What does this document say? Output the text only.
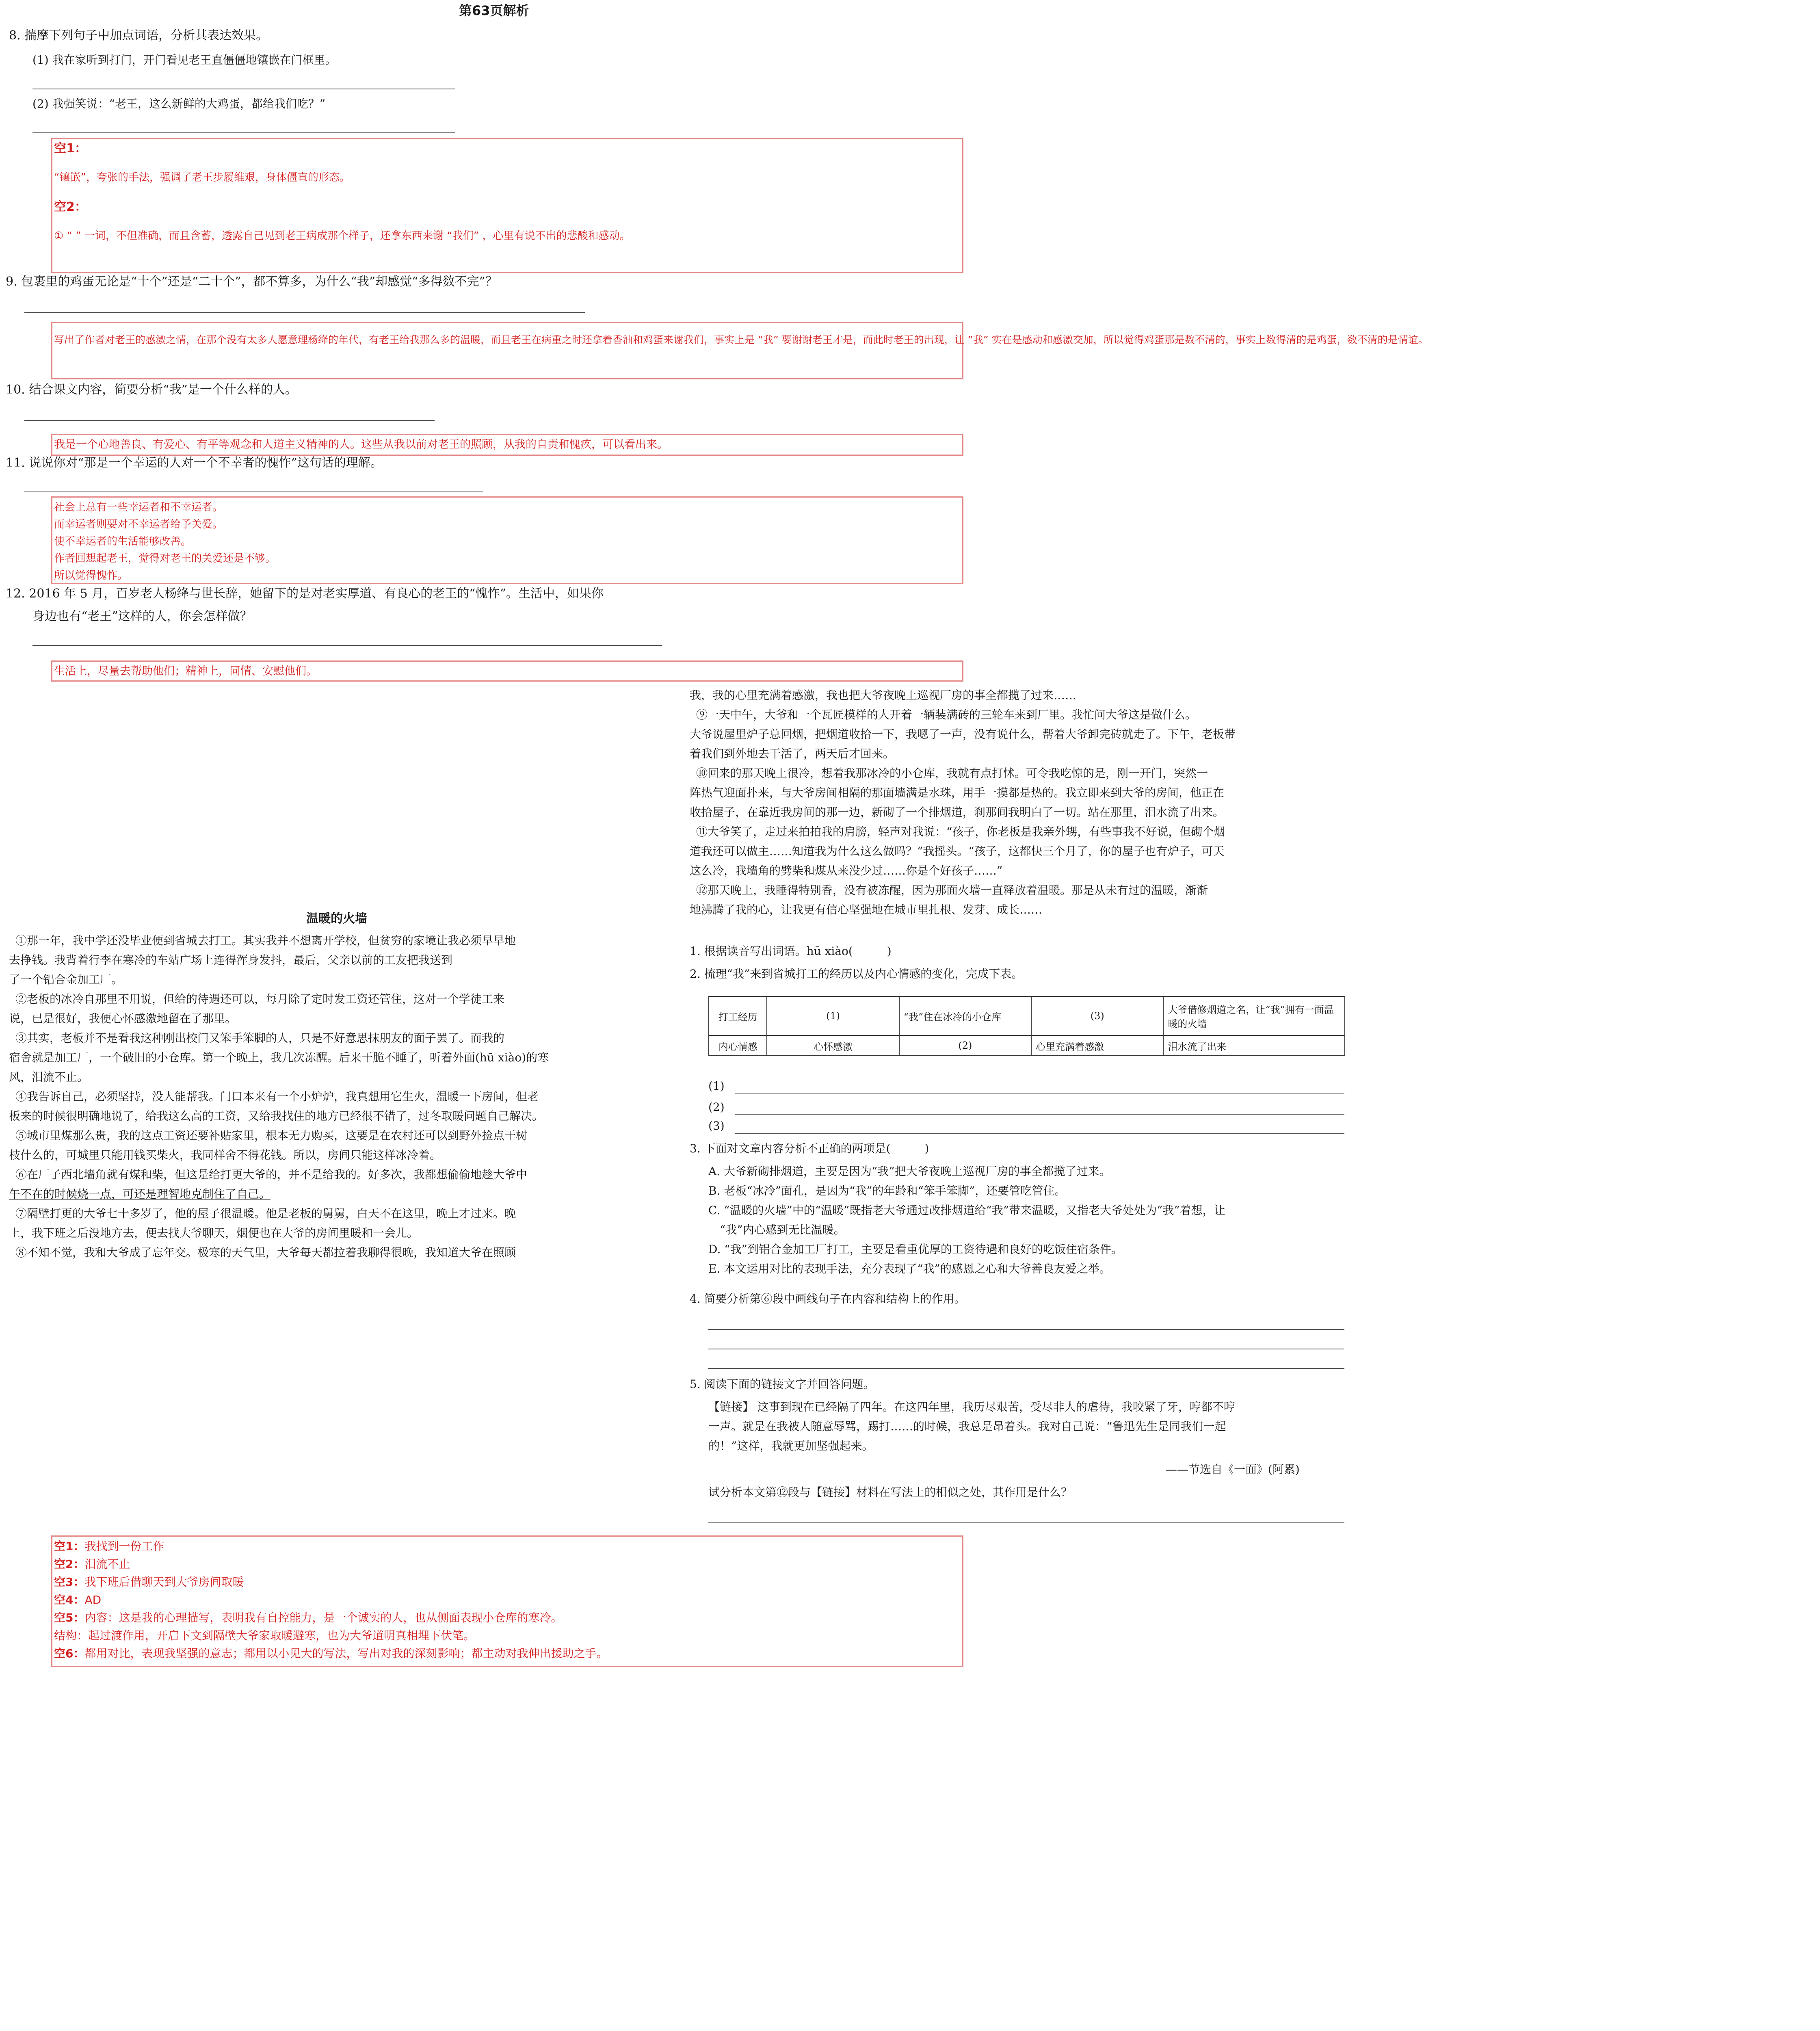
第63页解析
8. 揣摩下列句子中加点词语，分析其表达效果。
(1) 我在家听到打门，开门看见老王直僵僵地镶嵌在门框里。
(2) 我强笑说：“老王，这么新鲜的大鸡蛋，都给我们吃？”
空1：
“镶嵌”，夸张的手法，强调了老王步履维艰，身体僵直的形态。
空2：
① “ ” 一词，不但准确，而且含蓄，透露自己见到老王病成那个样子，还拿东西来谢 “我们” ，心里有说不出的悲酸和感动。
9. 包裹里的鸡蛋无论是“十个”还是“二十个”，都不算多，为什么“我”却感觉“多得数不完”？
写出了作者对老王的感激之情，在那个没有太多人愿意理杨绛的年代，有老王给我那么多的温暖，而且老王在病重之时还拿着香油和鸡蛋来谢我们，事实上是 “我” 要谢谢老王才是，而此时老王的出现，让 “我” 实在是感动和感激交加，所以觉得鸡蛋那是数不清的，事实上数得清的是鸡蛋，数不清的是情谊。
10. 结合课文内容，简要分析“我”是一个什么样的人。
我是一个心地善良、有爱心、有平等观念和人道主义精神的人。这些从我以前对老王的照顾，从我的自责和愧疚，可以看出来。
11. 说说你对“那是一个幸运的人对一个不幸者的愧怍”这句话的理解。
社会上总有一些幸运者和不幸运者。
而幸运者则要对不幸运者给予关爱。
使不幸运者的生活能够改善。
作者回想起老王，觉得对老王的关爱还是不够。
所以觉得愧怍。
12. 2016 年 5 月，百岁老人杨绛与世长辞，她留下的是对老实厚道、有良心的老王的“愧怍”。生活中，如果你
身边也有“老王”这样的人，你会怎样做？
生活上，尽量去帮助他们；精神上，同情、安慰他们。
温暖的火墙
①那一年，我中学还没毕业便到省城去打工。其实我并不想离开学校，但贫穷的家境让我必须早早地
去挣钱。我背着行李在寒冷的车站广场上连得浑身发抖，最后，父亲以前的工友把我送到
了一个铝合金加工厂。
②老板的冰冷自那里不用说，但给的待遇还可以，每月除了定时发工资还管住，这对一个学徒工来
说，已是很好，我便心怀感激地留在了那里。
③其实，老板并不是看我这种刚出校门又笨手笨脚的人，只是不好意思抹朋友的面子罢了。而我的
宿舍就是加工厂，一个破旧的小仓库。第一个晚上，我几次冻醒。后来干脆不睡了，听着外面(hū xiào)的寒
风，泪流不止。
④我告诉自己，必须坚持，没人能帮我。门口本来有一个小炉炉，我真想用它生火，温暖一下房间，但老
板来的时候很明确地说了，给我这么高的工资，又给我找住的地方已经很不错了，过冬取暖问题自己解决。
⑤城市里煤那么贵，我的这点工资还要补贴家里，根本无力购买，这要是在农村还可以到野外捡点干树
枝什么的，可城里只能用钱买柴火，我同样舍不得花钱。所以，房间只能这样冰冷着。
⑥在厂子西北墙角就有煤和柴，但这是给打更大爷的，并不是给我的。好多次，我都想偷偷地趁大爷中
午不在的时候烧一点，可还是理智地克制住了自己。
⑦隔壁打更的大爷七十多岁了，他的屋子很温暖。他是老板的舅舅，白天不在这里，晚上才过来。晚
上，我下班之后没地方去，便去找大爷聊天，烟便也在大爷的房间里暖和一会儿。
⑧不知不觉，我和大爷成了忘年交。极寒的天气里，大爷每天都拉着我聊得很晚，我知道大爷在照顾
我，我的心里充满着感激，我也把大爷夜晚上巡视厂房的事全都揽了过来……
⑨一天中午，大爷和一个瓦匠模样的人开着一辆装满砖的三轮车来到厂里。我忙问大爷这是做什么。
大爷说屋里炉子总回烟，把烟道收拾一下，我嗯了一声，没有说什么，帮着大爷卸完砖就走了。下午，老板带
着我们到外地去干活了，两天后才回来。
⑩回来的那天晚上很冷，想着我那冰冷的小仓库，我就有点打怵。可令我吃惊的是，刚一开门，突然一
阵热气迎面扑来，与大爷房间相隔的那面墙满是水珠，用手一摸都是热的。我立即来到大爷的房间，他正在
收拾屋子，在靠近我房间的那一边，新砌了一个排烟道，刹那间我明白了一切。站在那里，泪水流了出来。
⑪大爷笑了，走过来拍拍我的肩膀，轻声对我说：“孩子，你老板是我亲外甥，有些事我不好说，但砌个烟
道我还可以做主……知道我为什么这么做吗？”我摇头。“孩子，这都快三个月了，你的屋子也有炉子，可天
这么冷，我墙角的劈柴和煤从来没少过……你是个好孩子……”
⑫那天晚上，我睡得特别香，没有被冻醒，因为那面火墙一直释放着温暖。那是从未有过的温暖，渐渐
地沸腾了我的心，让我更有信心坚强地在城市里扎根、发芽、成长……
1. 根据读音写出词语。hū xiào(　　　)
2. 梳理“我”来到省城打工的经历以及内心情感的变化，完成下表。
打工经历	(1)	“我”住在冰冷的小仓库	(3)	大爷借修烟道之名，让“我”拥有一面温暖的火墙
内心情感	心怀感激	(2)	心里充满着感激	泪水流了出来
(1)
(2)
(3)
3. 下面对文章内容分析不正确的两项是(　　　)
A. 大爷新砌排烟道，主要是因为“我”把大爷夜晚上巡视厂房的事全都揽了过来。
B. 老板“冰冷”面孔，是因为“我”的年龄和“笨手笨脚”，还要管吃管住。
C. “温暖的火墙”中的“温暖”既指老大爷通过改排烟道给“我”带来温暖，又指老大爷处处为“我”着想，让
　“我”内心感到无比温暖。
D. “我”到铝合金加工厂打工，主要是看重优厚的工资待遇和良好的吃饭住宿条件。
E. 本文运用对比的表现手法，充分表现了“我”的感恩之心和大爷善良友爱之举。
4. 简要分析第⑥段中画线句子在内容和结构上的作用。
5. 阅读下面的链接文字并回答问题。
【链接】 这事到现在已经隔了四年。在这四年里，我历尽艰苦，受尽非人的虐待，我咬紧了牙，哼都不哼
一声。就是在我被人随意辱骂，踢打……的时候，我总是昂着头。我对自己说：“鲁迅先生是同我们一起
的！”这样，我就更加坚强起来。
——节选自《一面》(阿累)
试分析本文第⑫段与【链接】材料在写法上的相似之处，其作用是什么？
空1：我找到一份工作
空2：泪流不止
空3：我下班后借聊天到大爷房间取暖
空4：AD
空5：内容：这是我的心理描写，表明我有自控能力，是一个诚实的人，也从侧面表现小仓库的寒冷。
结构：起过渡作用，开启下文到隔壁大爷家取暖避寒，也为大爷道明真相埋下伏笔。
空6：都用对比，表现我坚强的意志；都用以小见大的写法，写出对我的深刻影响；都主动对我伸出援助之手。
